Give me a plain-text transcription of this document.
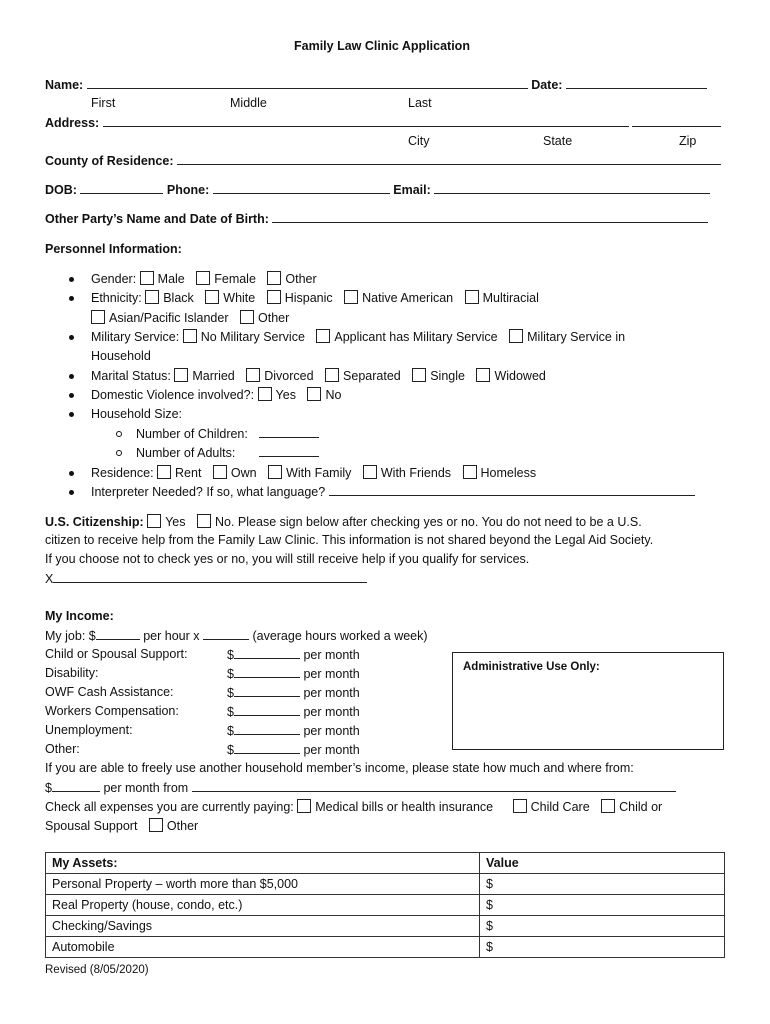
Family Law Clinic Application
Name:	Date:
First	Middle	Last
Address:
City	State	Zip
County of Residence:
DOB:	Phone:	Email:
Other Party’s Name and Date of Birth:
Personnel Information:
Gender: Male Female Other
Ethnicity: Black White Hispanic Native American Multiracial
Asian/Pacific Islander Other
Military Service: No Military Service Applicant has Military Service Military Service in
Household
Marital Status: Married Divorced Separated Single Widowed
Domestic Violence involved?: Yes No
Household Size:
Number of Children:
Number of Adults:
Residence: Rent Own With Family With Friends Homeless
Interpreter Needed? If so, what language?
U.S. Citizenship: Yes No. Please sign below after checking yes or no. You do not need to be a U.S.
citizen to receive help from the Family Law Clinic. This information is not shared beyond the Legal Aid Society.
If you choose not to check yes or no, you will still receive help if you qualify for services.
X
My Income:
My job: $	per hour x	(average hours worked a week)
Child or Spousal Support:	$	per month
Disability:	$	per month
OWF Cash Assistance:	$	per month
Workers Compensation:	$	per month
Unemployment:	$	per month
Other:	$	per month
Administrative Use Only:
If you are able to freely use another household member’s income, please state how much and where from:
$	per month from
Check all expenses you are currently paying: Medical bills or health insurance	Child Care Child or
Spousal Support Other
My Assets:	Value
Personal Property – worth more than $5,000	$
Real Property (house, condo, etc.)	$
Checking/Savings	$
Automobile	$
Revised (8/05/2020)
